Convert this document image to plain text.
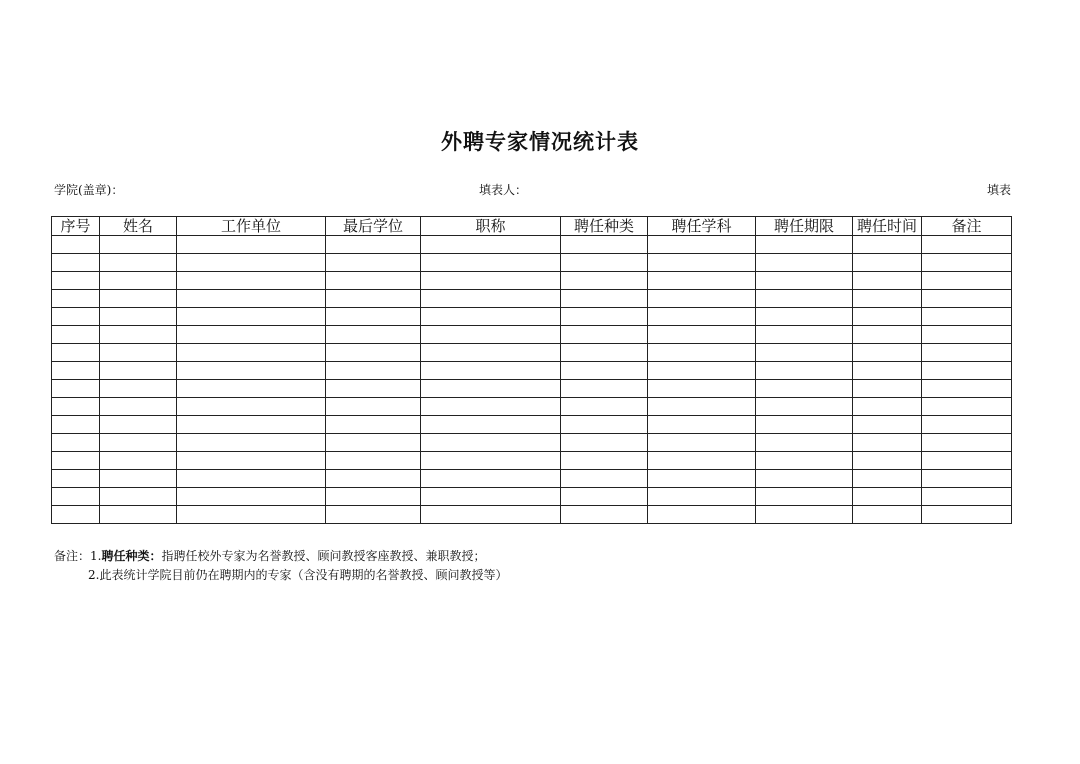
外聘专家情况统计表
学院(盖章)：	填表人：	填表
序号	姓名	工作单位	最后学位	职称	聘任种类	聘任学科	聘任期限	聘任时间	备注

备注：1.聘任种类：指聘任校外专家为名誉教授、顾问教授客座教授、兼职教授；
2.此表统计学院目前仍在聘期内的专家（含没有聘期的名誉教授、顾问教授等）
